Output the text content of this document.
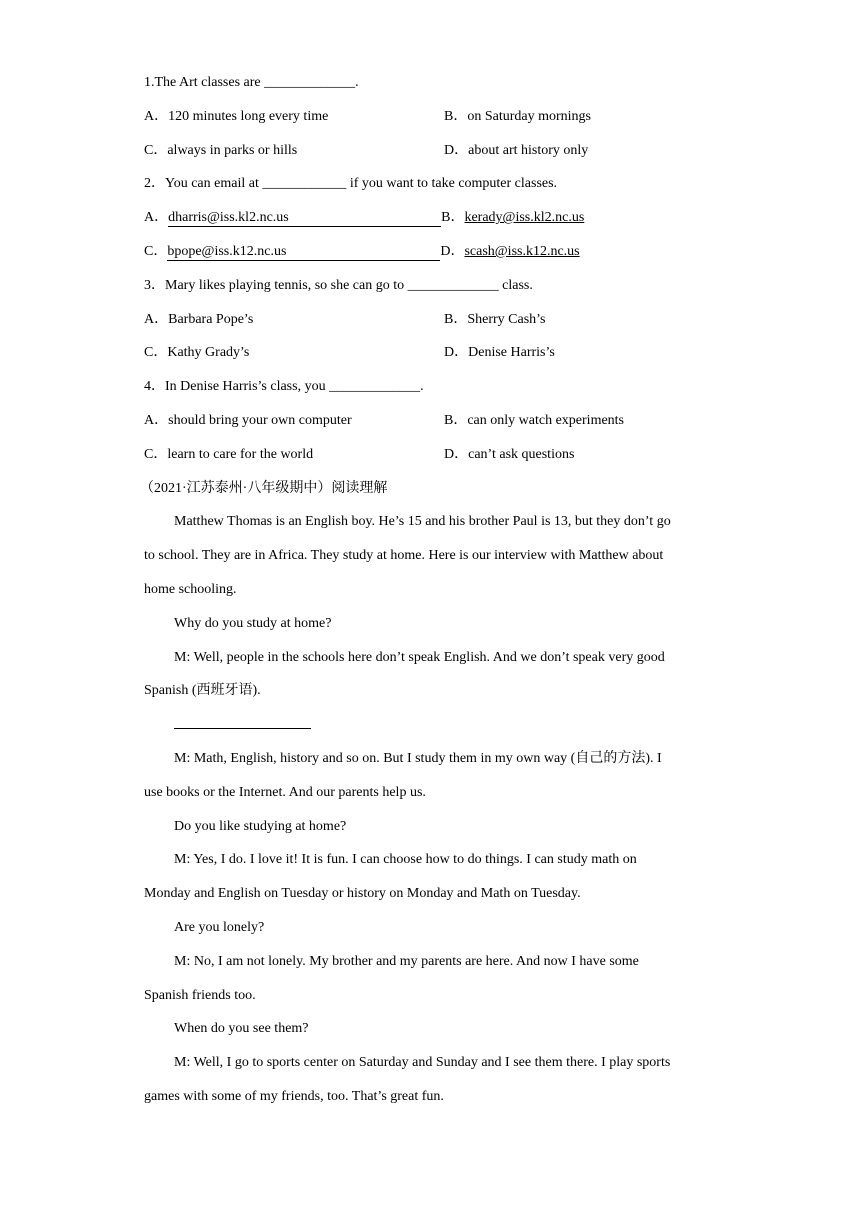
1.The Art classes are _____________.
A．120 minutes long every time	B．on Saturday mornings
C．always in parks or hills	D．about art history only
2．You can email at ____________ if you want to take computer classes.
A．dharris@iss.kl2.nc.us	B．kerady@iss.kl2.nc.us
C．bpope@iss.k12.nc.us	D．scash@iss.k12.nc.us
3．Mary likes playing tennis, so she can go to _____________ class.
A．Barbara Pope’s	B．Sherry Cash’s
C．Kathy Grady’s	D．Denise Harris’s
4．In Denise Harris’s class, you _____________.
A．should bring your own computer	B．can only watch experiments
C．learn to care for the world	D．can’t ask questions
（2021·江苏泰州·八年级期中）阅读理解
Matthew Thomas is an English boy. He’s 15 and his brother Paul is 13, but they don’t go
to school. They are in Africa. They study at home. Here is our interview with Matthew about
home schooling.
Why do you study at home?
M: Well, people in the schools here don’t speak English. And we don’t speak very good
Spanish (西班牙语).
M: Math, English, history and so on. But I study them in my own way (自己的方法). I
use books or the Internet. And our parents help us.
Do you like studying at home?
M: Yes, I do. I love it! It is fun. I can choose how to do things. I can study math on
Monday and English on Tuesday or history on Monday and Math on Tuesday.
Are you lonely?
M: No, I am not lonely. My brother and my parents are here. And now I have some
Spanish friends too.
When do you see them?
M: Well, I go to sports center on Saturday and Sunday and I see them there. I play sports
games with some of my friends, too. That’s great fun.
